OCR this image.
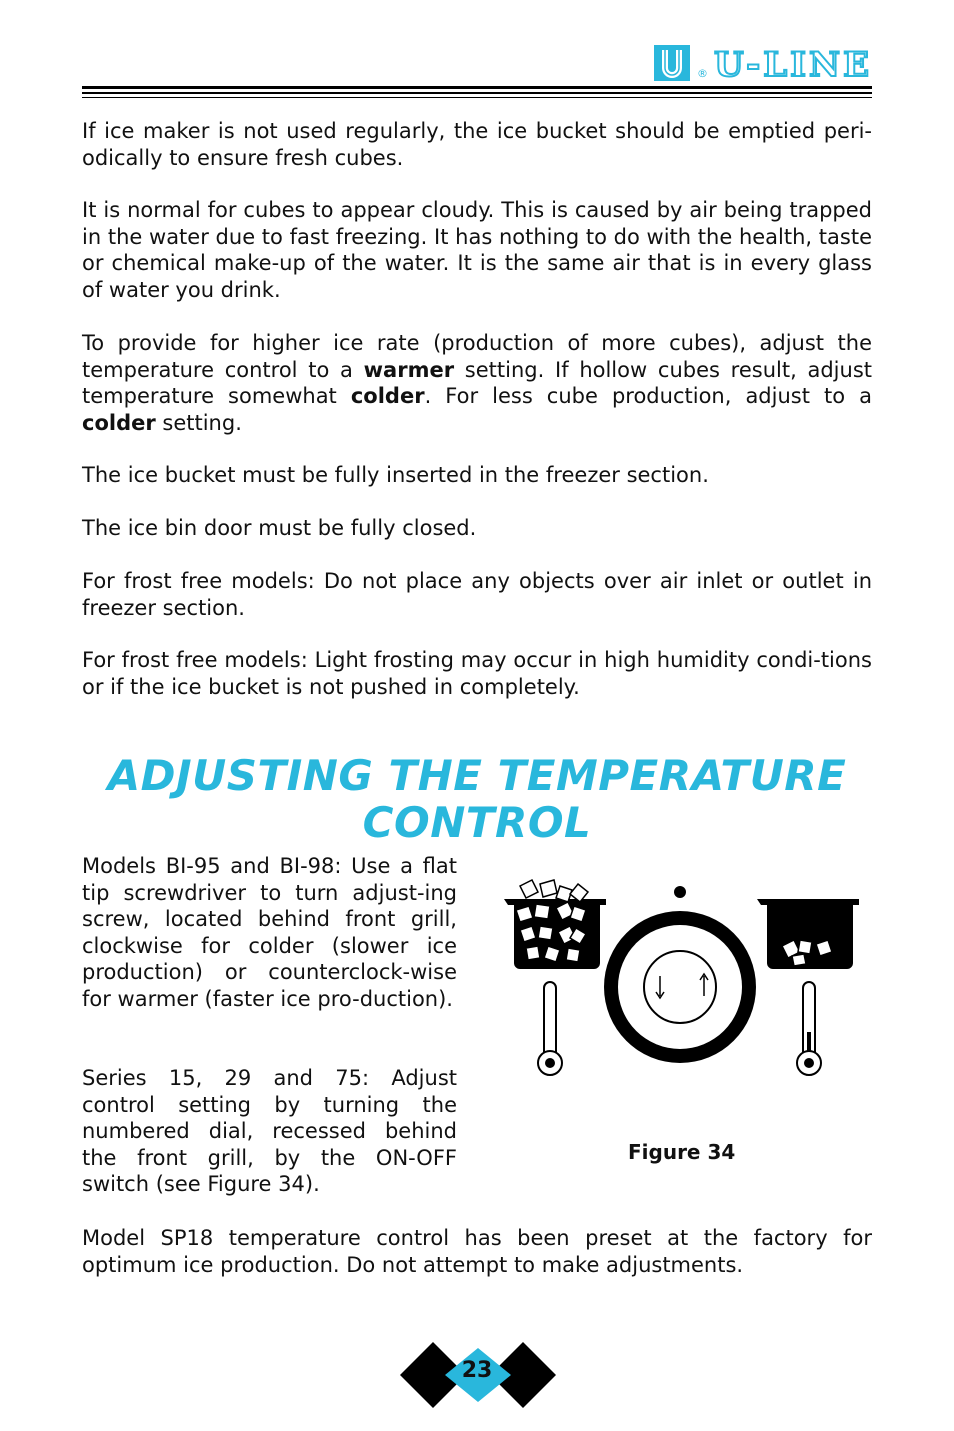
® U-LINE

If ice maker is not used regularly, the ice bucket should be emptied peri-odically to ensure fresh cubes.

It is normal for cubes to appear cloudy. This is caused by air being trapped in the water due to fast freezing. It has nothing to do with the health, taste or chemical make-up of the water. It is the same air that is in every glass of water you drink.

To provide for higher ice rate (production of more cubes), adjust the temperature control to a warmer setting. If hollow cubes result, adjust temperature somewhat colder. For less cube production, adjust to a colder setting.

The ice bucket must be fully inserted in the freezer section.

The ice bin door must be fully closed.

For frost free models: Do not place any objects over air inlet or outlet in freezer section.

For frost free models: Light frosting may occur in high humidity condi-tions or if the ice bucket is not pushed in completely.

ADJUSTING THE TEMPERATURE
CONTROL

Models BI-95 and BI-98: Use a flat tip screwdriver to turn adjust-ing screw, located behind front grill, clockwise for colder (slower ice production) or counterclock-wise for warmer (faster ice pro-duction).

Series 15, 29 and 75: Adjust control setting by turning the numbered dial, recessed behind the front grill, by the ON-OFF switch (see Figure 34).

Figure 34

Model SP18 temperature control has been preset at the factory for optimum ice production. Do not attempt to make adjustments.

23
